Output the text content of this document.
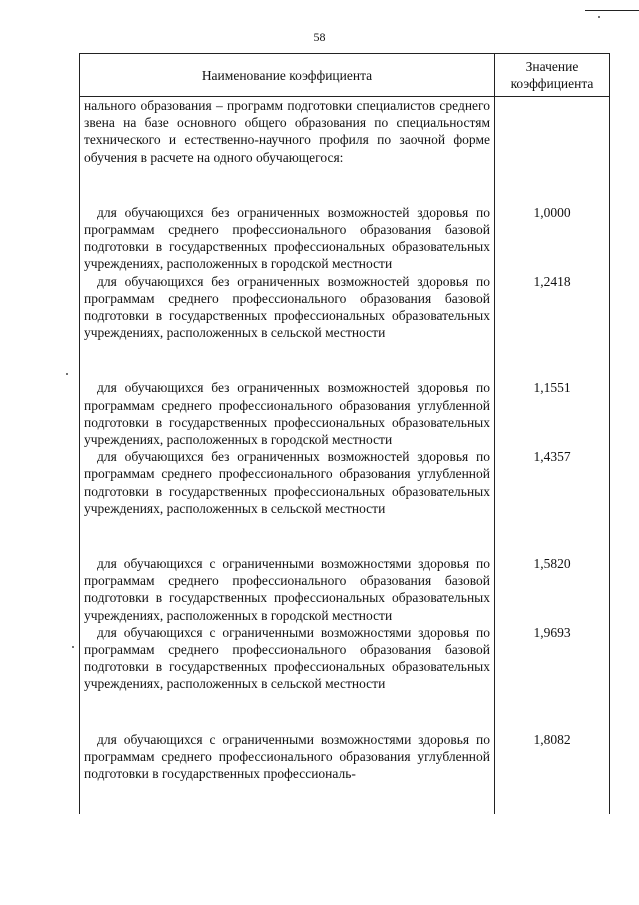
58
Наименование коэффициента	Значение
коэффициента
нального образования – программ подготовки специалистов среднего звена на базе основного общего образования по специальностям технического и естественно-научного профиля по заочной форме обучения в расчете на одного обучающегося:	

для обучающихся без ограниченных возможностей здоровья по программам среднего профессионального образования базовой подготовки в государственных профессиональных образовательных учреждениях, расположенных в городской местности	1,0000

для обучающихся без ограниченных возможностей здоровья по программам среднего профессионального образования базовой подготовки в государственных профессиональных образовательных учреждениях, расположенных в сельской местности	1,2418

для обучающихся без ограниченных возможностей здоровья по программам среднего профессионального образования углубленной подготовки в государственных профессиональных образовательных учреждениях, расположенных в городской местности	1,1551

для обучающихся без ограниченных возможностей здоровья по программам среднего профессионального образования углубленной подготовки в государственных профессиональных образовательных учреждениях, расположенных в сельской местности	1,4357

для обучающихся с ограниченными возможностями здоровья по программам среднего профессионального образования базовой подготовки в государственных профессиональных образовательных учреждениях, расположенных в городской местности	1,5820

для обучающихся с ограниченными возможностями здоровья по программам среднего профессионального образования базовой подготовки в государственных профессиональных образовательных учреждениях, расположенных в сельской местности	1,9693

для обучающихся с ограниченными возможностями здоровья по программам среднего профессионального образования углубленной подготовки в государственных профессиональ-	1,8082
